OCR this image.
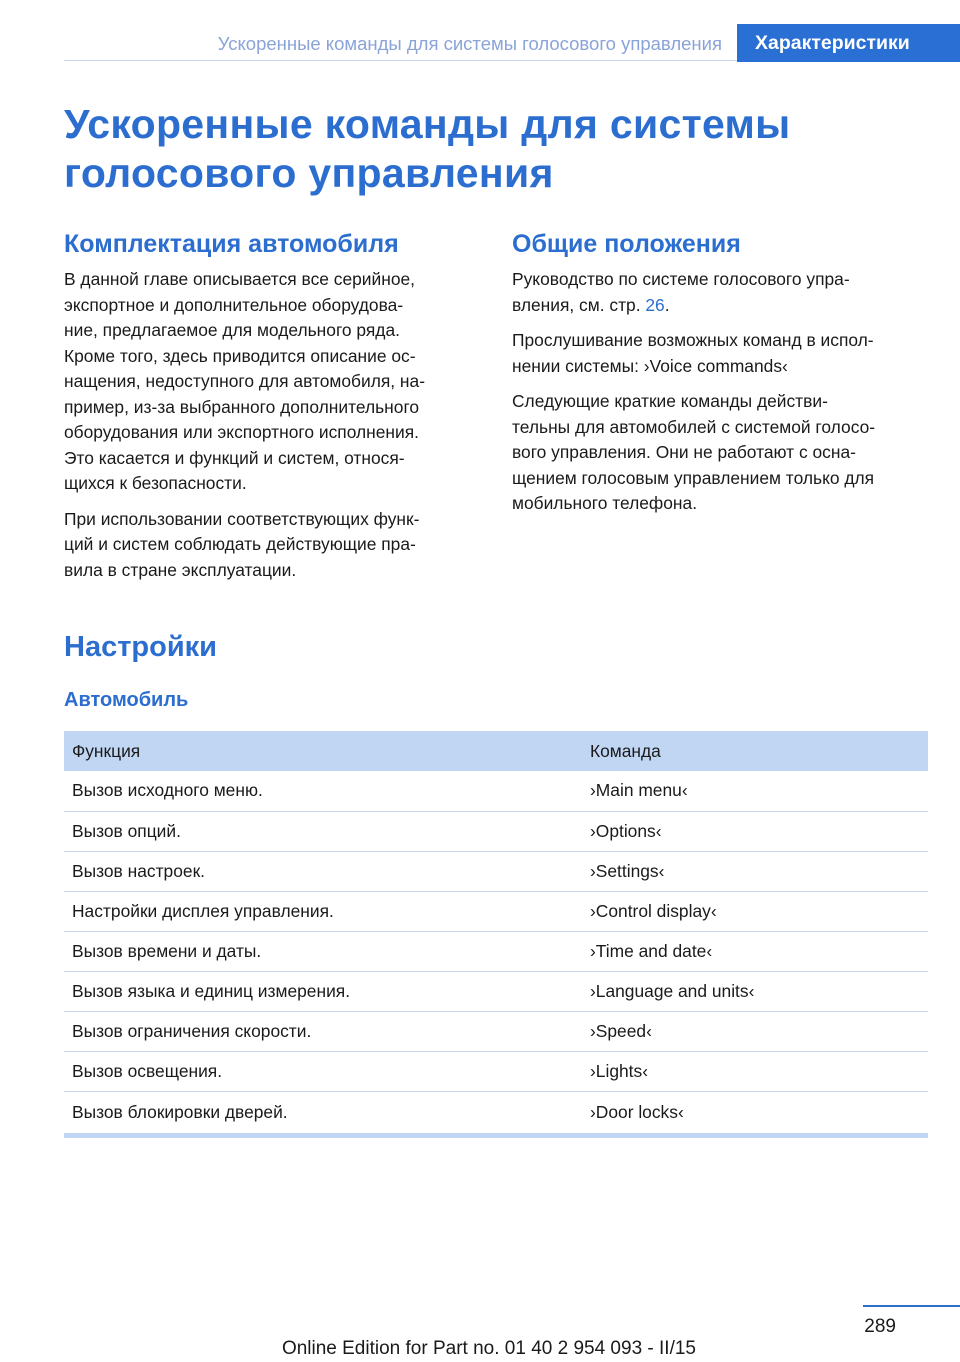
Ускоренные команды для системы голосового управления	Характеристики
Ускоренные команды для системы
голосового управления
Комплектация автомобиля

В данной главе описывается все серийное,
экспортное и дополнительное оборудова-
ние, предлагаемое для модельного ряда.
Кроме того, здесь приводится описание ос-
нащения, недоступного для автомобиля, на-
пример, из-за выбранного дополнительного
оборудования или экспортного исполнения.
Это касается и функций и систем, относя-
щихся к безопасности.

При использовании соответствующих функ-
ций и систем соблюдать действующие пра-
вила в стране эксплуатации.

Общие положения

Руководство по системе голосового упра-
вления, см. стр. 26.

Прослушивание возможных команд в испол-
нении системы: ›Voice commands‹

Следующие краткие команды действи-
тельны для автомобилей с системой голосо-
вого управления. Они не работают с осна-
щением голосовым управлением только для
мобильного телефона.

Настройки
Автомобиль
Функция	Команда
Вызов исходного меню.	›Main menu‹
Вызов опций.	›Options‹
Вызов настроек.	›Settings‹
Настройки дисплея управления.	›Control display‹
Вызов времени и даты.	›Time and date‹
Вызов языка и единиц измерения.	›Language and units‹
Вызов ограничения скорости.	›Speed‹
Вызов освещения.	›Lights‹
Вызов блокировки дверей.	›Door locks‹
289
Online Edition for Part no. 01 40 2 954 093 - II/15
